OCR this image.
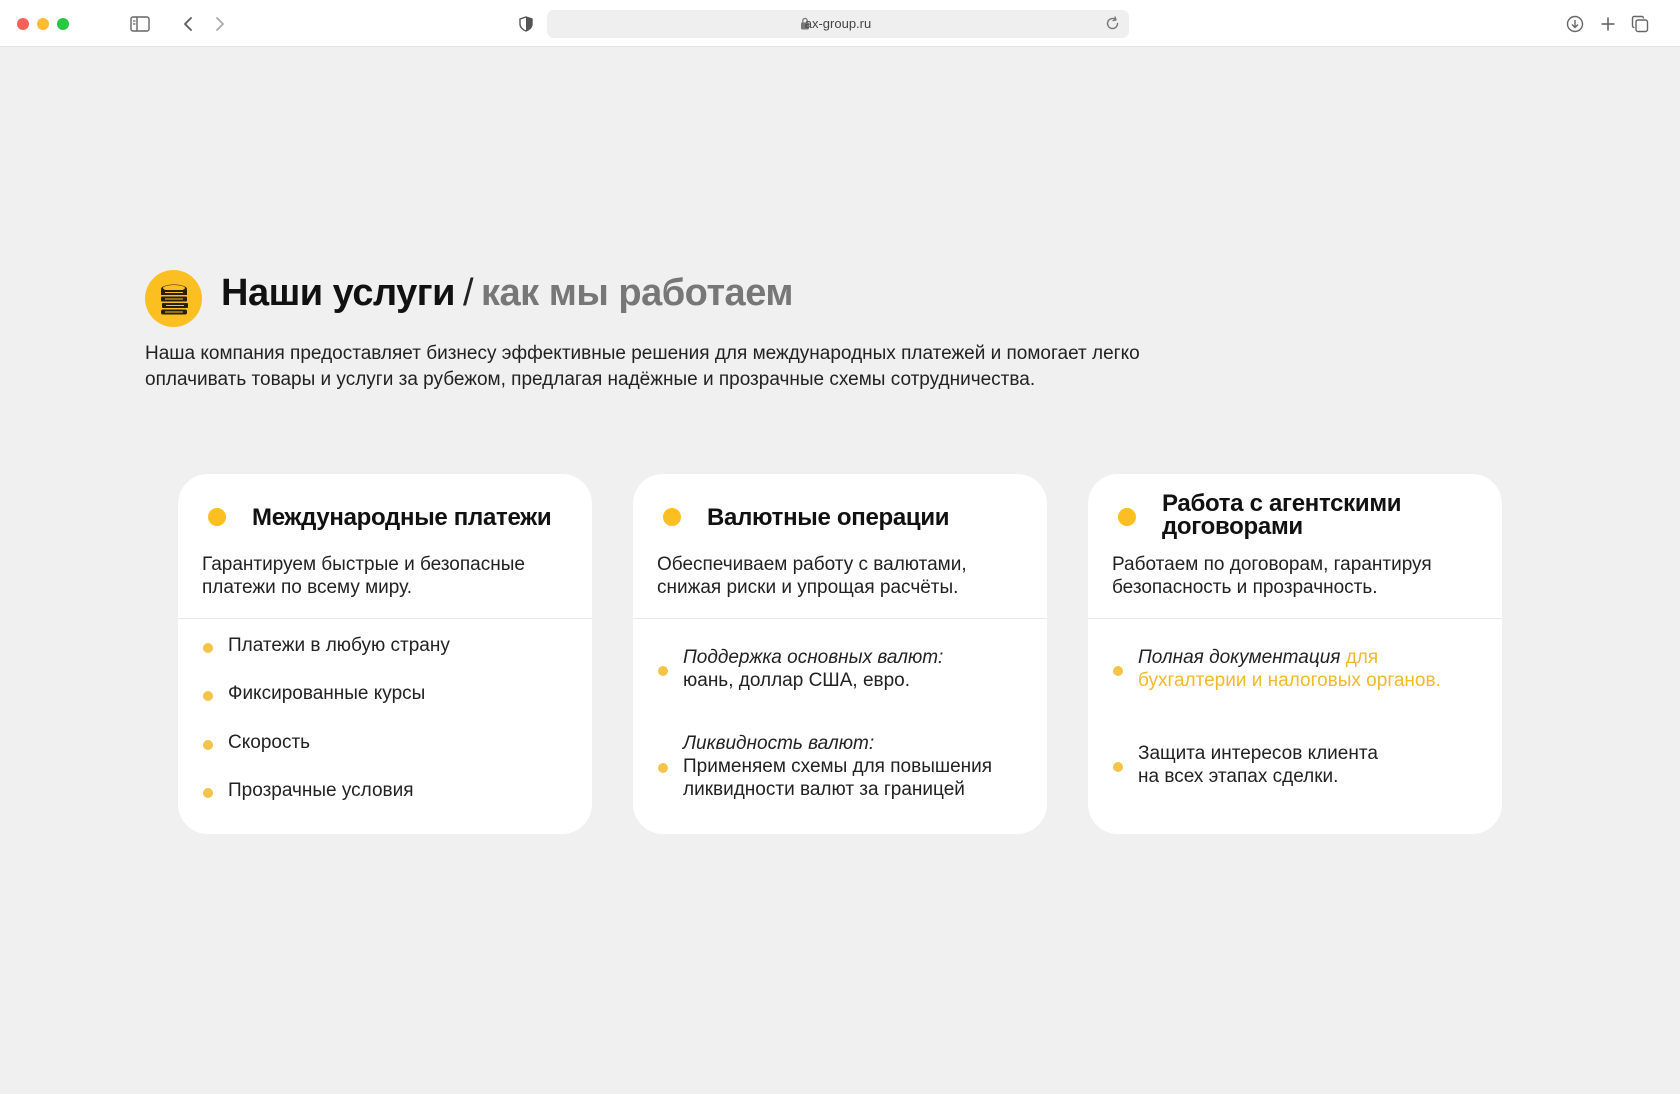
ax-group.ru
Наши услуги / как мы работаем
Наша компания предоставляет бизнесу эффективные решения для международных платежей и помогает легко оплачивать товары и услуги за рубежом, предлагая надёжные и прозрачные схемы сотрудничества.
Международные платежи
Гарантируем быстрые и безопасные платежи по всему миру.
Платежи в любую страну
Фиксированные курсы
Скорость
Прозрачные условия
Валютные операции
Обеспечиваем работу с валютами, снижая риски и упрощая расчёты.
Поддержка основных валют:
юань, доллар США, евро.
Ликвидность валют:
Применяем схемы для повышения ликвидности валют за границей
Работа с агентскими договорами
Работаем по договорам, гарантируя безопасность и прозрачность.
Полная документация для бухгалтерии и налоговых органов.
Защита интересов клиента на всех этапах сделки.
